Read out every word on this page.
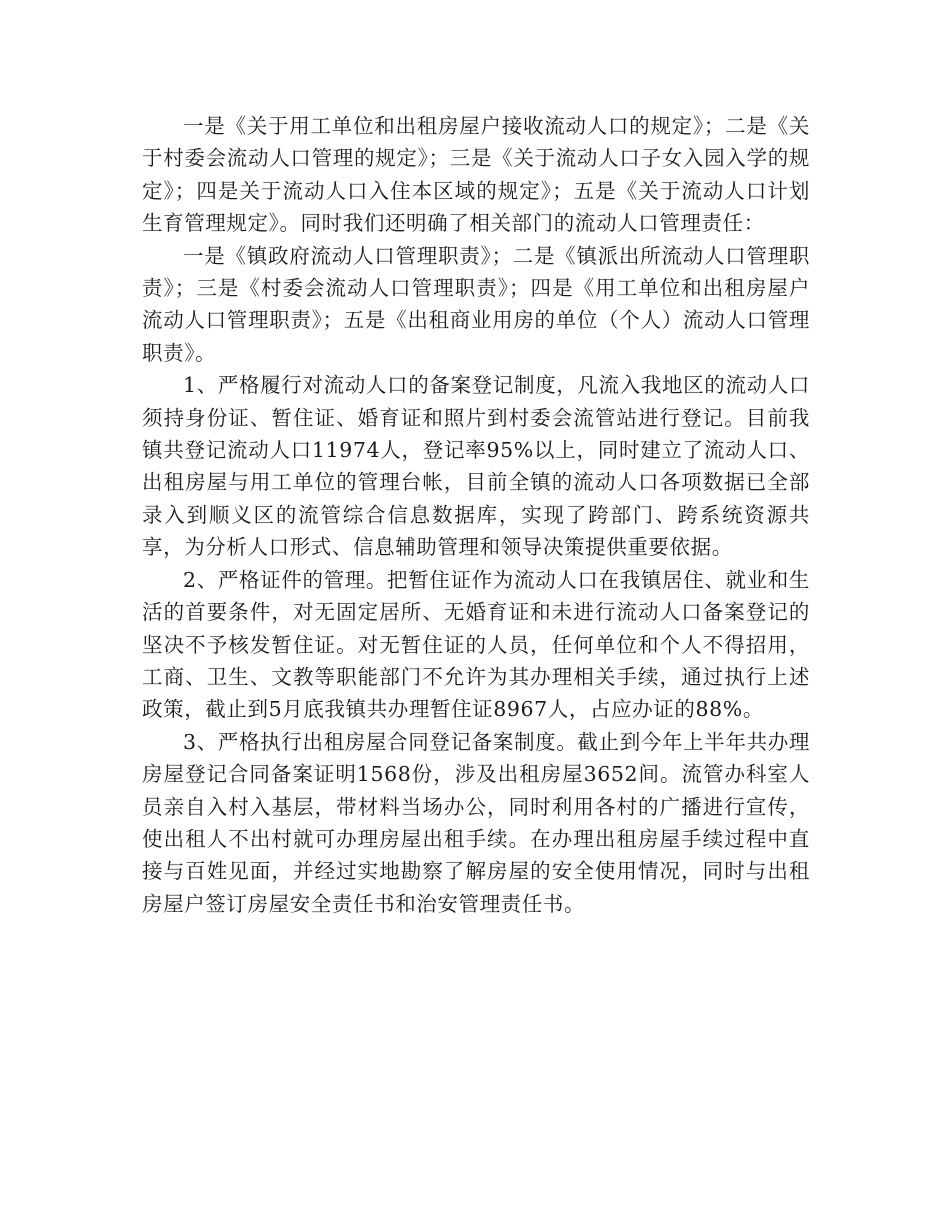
一是《关于用工单位和出租房屋户接收流动人口的规定》；二是《关于村委会流动人口管理的规定》；三是《关于流动人口子女入园入学的规定》；四是关于流动人口入住本区域的规定》；五是《关于流动人口计划生育管理规定》。同时我们还明确了相关部门的流动人口管理责任：

一是《镇政府流动人口管理职责》；二是《镇派出所流动人口管理职责》；三是《村委会流动人口管理职责》；四是《用工单位和出租房屋户流动人口管理职责》；五是《出租商业用房的单位（个人）流动人口管理职责》。

1、严格履行对流动人口的备案登记制度，凡流入我地区的流动人口须持身份证、暂住证、婚育证和照片到村委会流管站进行登记。目前我镇共登记流动人口11974人，登记率95%以上，同时建立了流动人口、出租房屋与用工单位的管理台帐，目前全镇的流动人口各项数据已全部录入到顺义区的流管综合信息数据库，实现了跨部门、跨系统资源共享，为分析人口形式、信息辅助管理和领导决策提供重要依据。

2、严格证件的管理。把暂住证作为流动人口在我镇居住、就业和生活的首要条件，对无固定居所、无婚育证和未进行流动人口备案登记的坚决不予核发暂住证。对无暂住证的人员，任何单位和个人不得招用，工商、卫生、文教等职能部门不允许为其办理相关手续，通过执行上述政策，截止到5月底我镇共办理暂住证8967人，占应办证的88%。

3、严格执行出租房屋合同登记备案制度。截止到今年上半年共办理房屋登记合同备案证明1568份，涉及出租房屋3652间。流管办科室人员亲自入村入基层，带材料当场办公，同时利用各村的广播进行宣传，使出租人不出村就可办理房屋出租手续。在办理出租房屋手续过程中直接与百姓见面，并经过实地勘察了解房屋的安全使用情况，同时与出租房屋户签订房屋安全责任书和治安管理责任书。
